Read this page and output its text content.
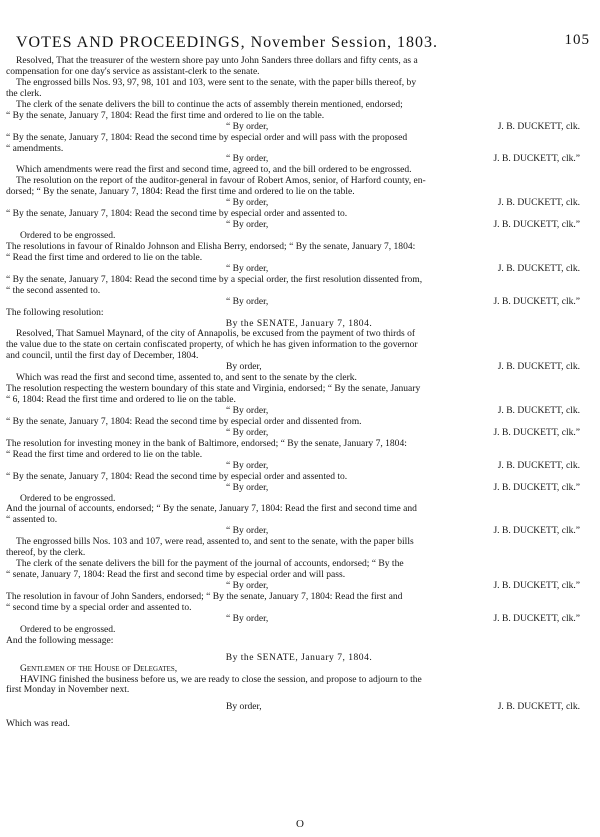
VOTES AND PROCEEDINGS, November Session, 1803.	105
Resolved, That the treasurer of the western shore pay unto John Sanders three dollars and fifty cents, as a
compensation for one day's service as assistant-clerk to the senate.
The engrossed bills Nos. 93, 97, 98, 101 and 103, were sent to the senate, with the paper bills thereof, by
the clerk.
The clerk of the senate delivers the bill to continue the acts of assembly therein mentioned, endorsed;
“ By the senate, January 7, 1804: Read the first time and ordered to lie on the table.
“ By order,	J. B. DUCKETT, clk.
“ By the senate, January 7, 1804: Read the second time by especial order and will pass with the proposed
“ amendments.
“ By order,	J. B. DUCKETT, clk.”
Which amendments were read the first and second time, agreed to, and the bill ordered to be engrossed.
The resolution on the report of the auditor-general in favour of Robert Amos, senior, of Harford county, en-
dorsed; “ By the senate, January 7, 1804: Read the first time and ordered to lie on the table.
“ By order,	J. B. DUCKETT, clk.
“ By the senate, January 7, 1804: Read the second time by especial order and assented to.
“ By order,	J. B. DUCKETT, clk.”
Ordered to be engrossed.
The resolutions in favour of Rinaldo Johnson and Elisha Berry, endorsed; “ By the senate, January 7, 1804:
“ Read the first time and ordered to lie on the table.
“ By order,	J. B. DUCKETT, clk.
“ By the senate, January 7, 1804: Read the second time by a special order, the first resolution dissented from,
“ the second assented to.
“ By order,	J. B. DUCKETT, clk.”
The following resolution:
By the SENATE, January 7, 1804.
Resolved, That Samuel Maynard, of the city of Annapolis, be excused from the payment of two thirds of
the value due to the state on certain confiscated property, of which he has given information to the governor
and council, until the first day of December, 1804.
By order,	J. B. DUCKETT, clk.
Which was read the first and second time, assented to, and sent to the senate by the clerk.
The resolution respecting the western boundary of this state and Virginia, endorsed; “ By the senate, January
“ 6, 1804: Read the first time and ordered to lie on the table.
“ By order,	J. B. DUCKETT, clk.
“ By the senate, January 7, 1804: Read the second time by especial order and dissented from.
“ By order,	J. B. DUCKETT, clk.”
The resolution for investing money in the bank of Baltimore, endorsed; “ By the senate, January 7, 1804:
“ Read the first time and ordered to lie on the table.
“ By order,	J. B. DUCKETT, clk.
“ By the senate, January 7, 1804: Read the second time by especial order and assented to.
“ By order,	J. B. DUCKETT, clk.”
Ordered to be engrossed.
And the journal of accounts, endorsed; “ By the senate, January 7, 1804: Read the first and second time and
“ assented to.
“ By order,	J. B. DUCKETT, clk.”
The engrossed bills Nos. 103 and 107, were read, assented to, and sent to the senate, with the paper bills
thereof, by the clerk.
The clerk of the senate delivers the bill for the payment of the journal of accounts, endorsed; “ By the
“ senate, January 7, 1804: Read the first and second time by especial order and will pass.
“ By order,	J. B. DUCKETT, clk.”
The resolution in favour of John Sanders, endorsed; “ By the senate, January 7, 1804: Read the first and
“ second time by a special order and assented to.
“ By order,	J. B. DUCKETT, clk.”
Ordered to be engrossed.
And the following message:
By the SENATE, January 7, 1804.
Gentlemen of the House of Delegates,
HAVING finished the business before us, we are ready to close the session, and propose to adjourn to the
first Monday in November next.
By order,	J. B. DUCKETT, clk.
Which was read.
O
